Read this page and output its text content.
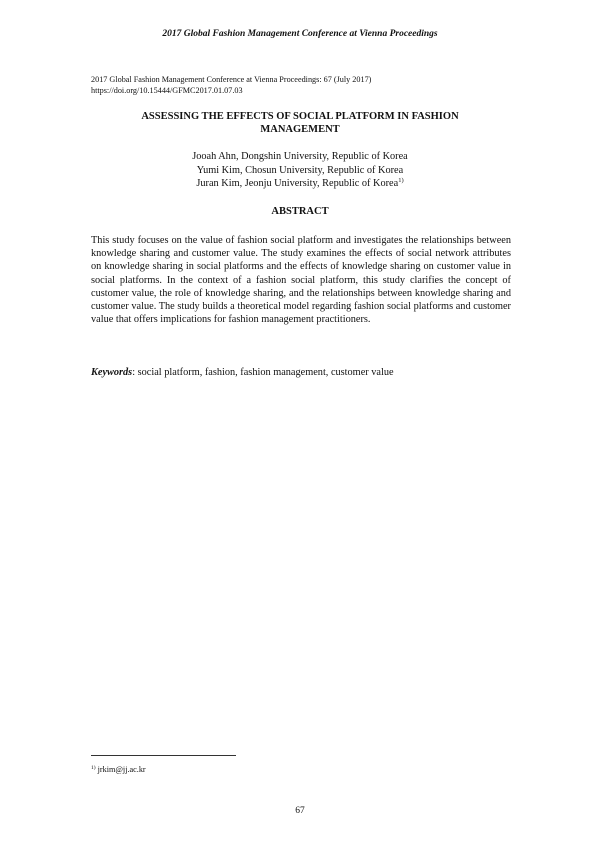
2017 Global Fashion Management Conference at Vienna Proceedings
2017 Global Fashion Management Conference at Vienna Proceedings: 67 (July 2017)
https://doi.org/10.15444/GFMC2017.01.07.03
ASSESSING THE EFFECTS OF SOCIAL PLATFORM IN FASHION
MANAGEMENT
Jooah Ahn, Dongshin University, Republic of Korea
Yumi Kim, Chosun University, Republic of Korea
Juran Kim, Jeonju University, Republic of Korea$^{1)}$
ABSTRACT
This study focuses on the value of fashion social platform and investigates the relationships between knowledge sharing and customer value. The study examines the effects of social network attributes on knowledge sharing in social platforms and the effects of knowledge sharing on customer value in social platforms. In the context of a fashion social platform, this study clarifies the concept of customer value, the role of knowledge sharing, and the relationships between knowledge sharing and customer value. The study builds a theoretical model regarding fashion social platforms and customer value that offers implications for fashion management practitioners.
Keywords: social platform, fashion, fashion management, customer value
$^{1)}$ jrkim@jj.ac.kr
67
